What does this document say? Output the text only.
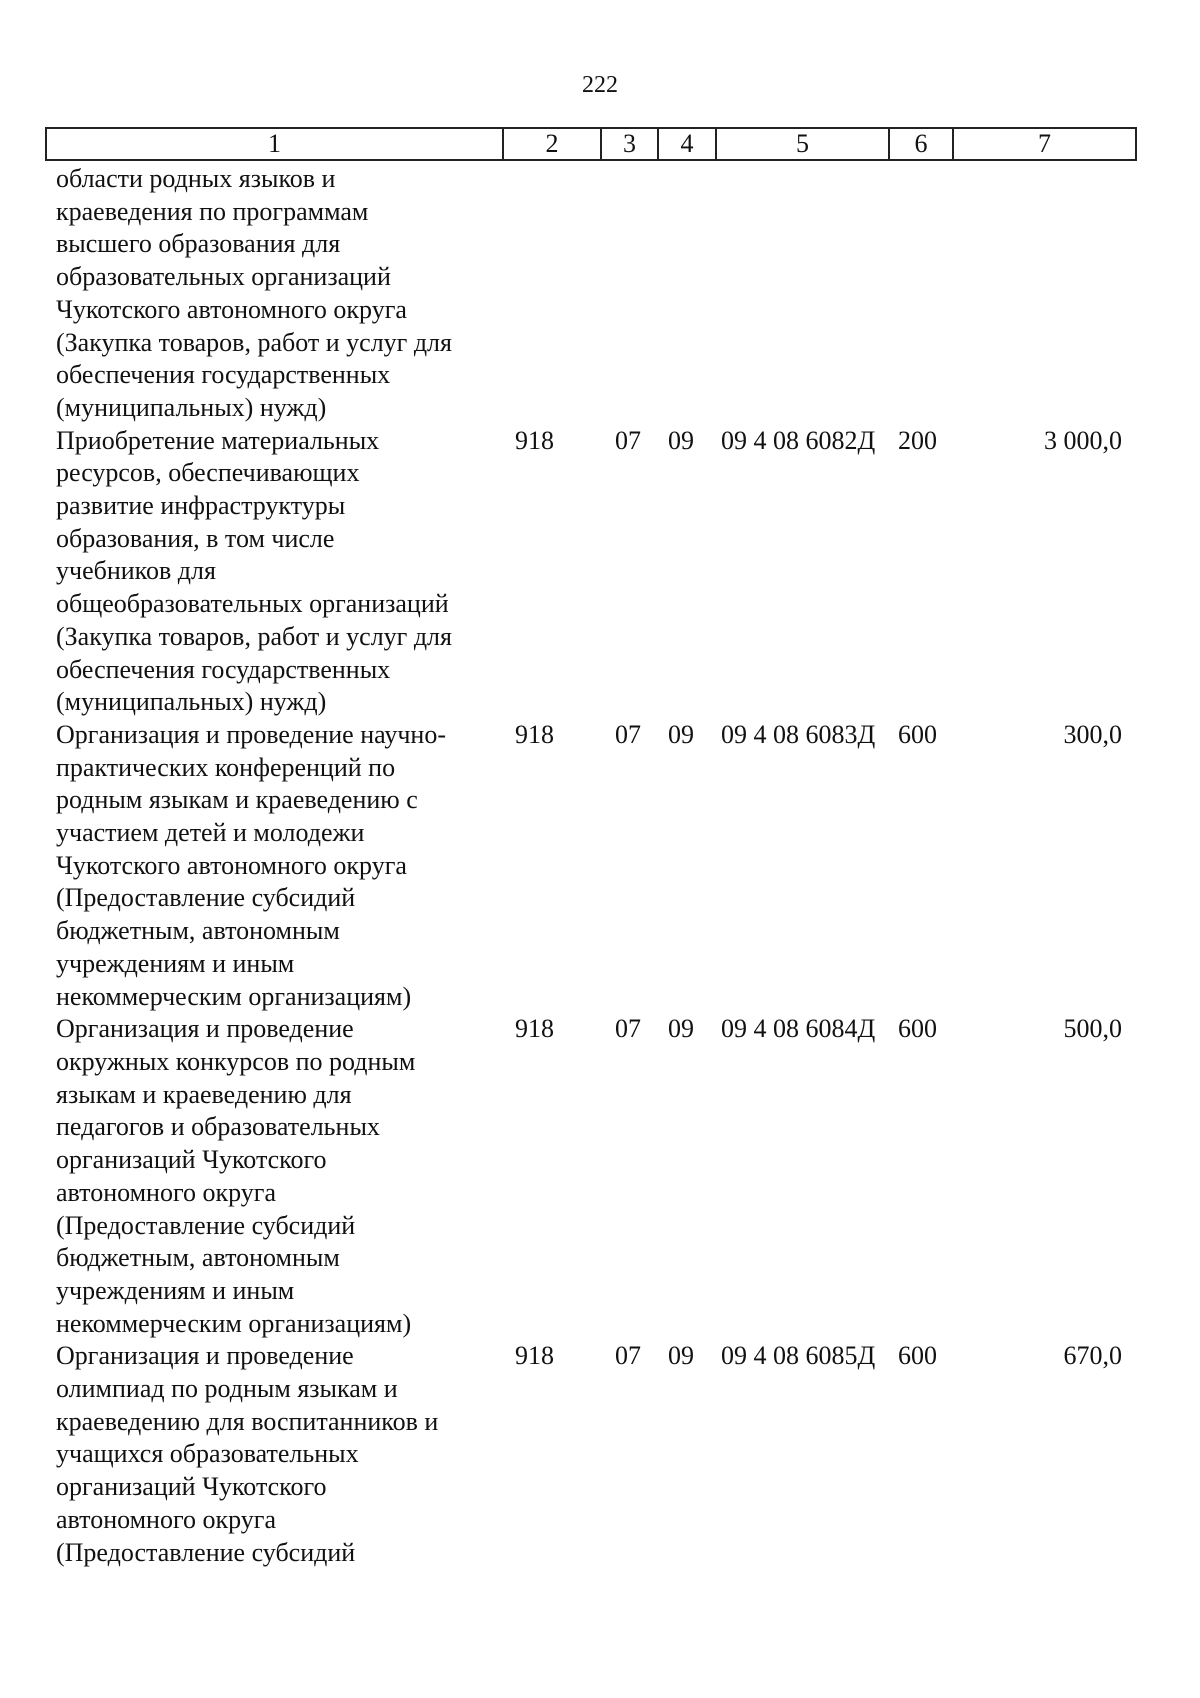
222
1	2	3	4	5	6	7
области родных языков и
краеведения по программам
высшего образования для
образовательных организаций
Чукотского автономного округа
(Закупка товаров, работ и услуг для
обеспечения государственных
(муниципальных) нужд)
Приобретение материальных
ресурсов, обеспечивающих
развитие инфраструктуры
образования, в том числе
учебников для
общеобразовательных организаций
(Закупка товаров, работ и услуг для
обеспечения государственных
(муниципальных) нужд)
918	07	09	09 4 08 6082Д 200	3 000,0
Организация и проведение научно-
практических конференций по
родным языкам и краеведению с
участием детей и молодежи
Чукотского автономного округа
(Предоставление субсидий
бюджетным, автономным
учреждениям и иным
некоммерческим организациям)
918	07	09	09 4 08 6083Д 600	300,0
Организация и проведение
окружных конкурсов по родным
языкам и краеведению для
педагогов и образовательных
организаций Чукотского
автономного округа
(Предоставление субсидий
бюджетным, автономным
учреждениям и иным
некоммерческим организациям)
918	07	09	09 4 08 6084Д 600	500,0
Организация и проведение
олимпиад по родным языкам и
краеведению для воспитанников и
учащихся образовательных
организаций Чукотского
автономного округа
(Предоставление субсидий
918	07	09	09 4 08 6085Д 600	670,0
